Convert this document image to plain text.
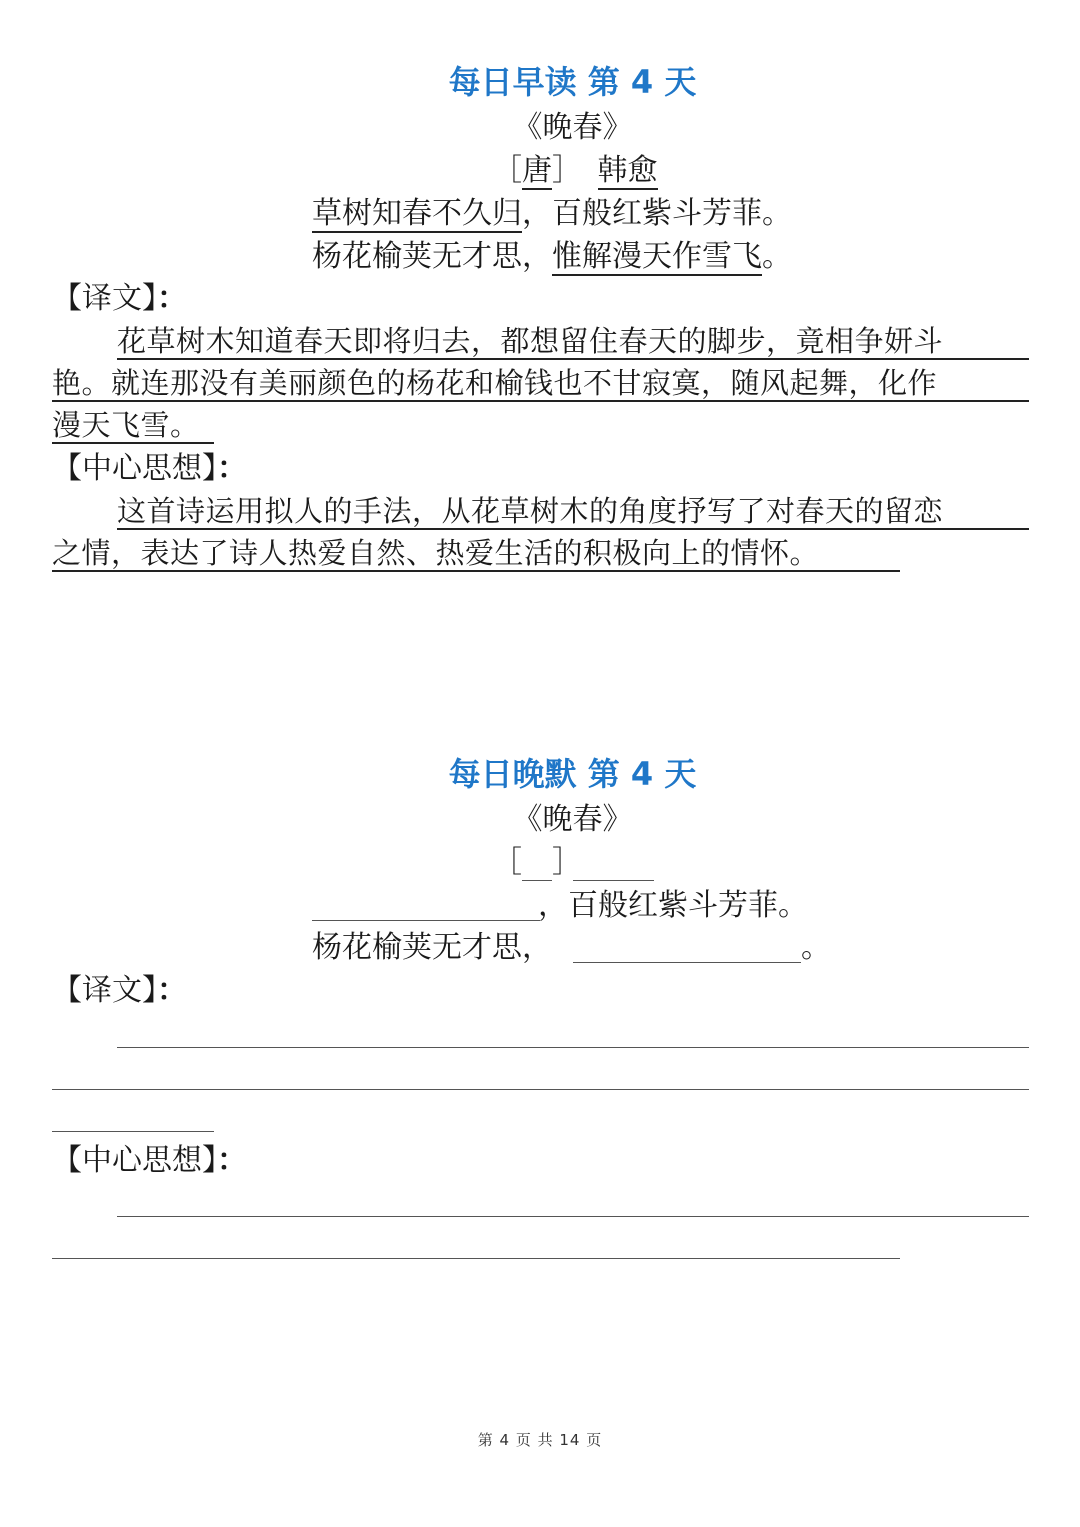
每日早读 第 4 天
《晚春》
［唐］ 韩愈
草树知春不久归，百般红紫斗芳菲。
杨花榆荚无才思，惟解漫天作雪飞。
【译文】：
花草树木知道春天即将归去，都想留住春天的脚步，竟相争妍斗
艳。就连那没有美丽颜色的杨花和榆钱也不甘寂寞，随风起舞，化作
漫天飞雪。
【中心思想】：
这首诗运用拟人的手法，从花草树木的角度抒写了对春天的留恋
之情，表达了诗人热爱自然、热爱生活的积极向上的情怀。
每日晚默 第 4 天
《晚春》
［ ］
，百般红紫斗芳菲。
杨花榆荚无才思，	。
【译文】：
【中心思想】：
第 4 页 共 14 页
